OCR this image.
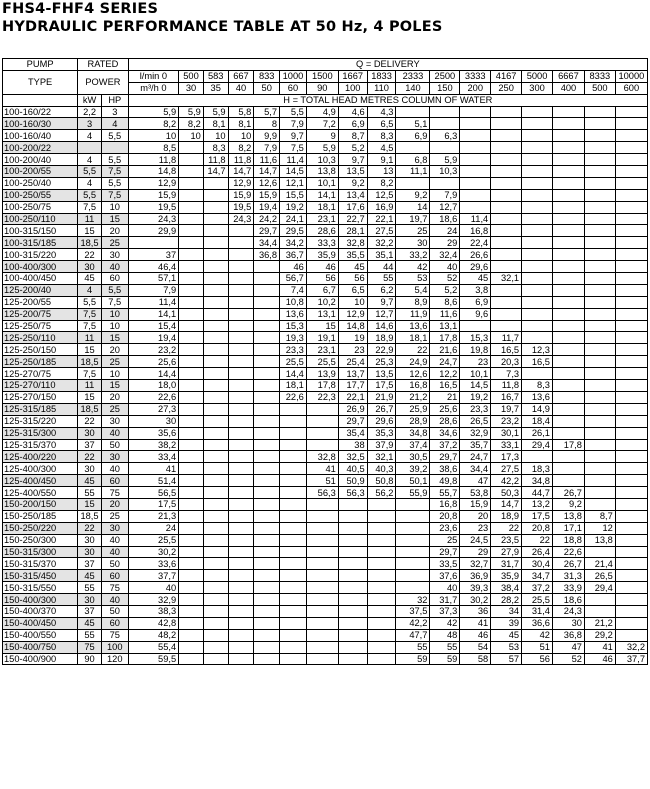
FHS4-FHF4 SERIES
HYDRAULIC PERFORMANCE TABLE AT 50 Hz, 4 POLES
PUMP	RATED		Q = DELIVERY																
TYPE	POWER		l/min 0	500	583	667	833	1000	1500	1667	1833	2333	2500	3333	4167	5000	6667	8333	10000
			m³/h 0	30	35	40	50	60	90	100	110	140	150	200	250	300	400	500	600
	kW	HP	H = TOTAL HEAD METRES COLUMN OF WATER																
100-160/22	2,2	3	5,9	5,9	5,9	5,8	5,7	5,5	4,9	4,6	4,3								
100-160/30	3	4	8,2	8,2	8,1	8,1	8	7,9	7,2	6,9	6,5	5,1							
100-160/40	4	5,5	10	10	10	10	9,9	9,7	9	8,7	8,3	6,9	6,3						
100-200/22			8,5		8,3	8,2	7,9	7,5	5,9	5,2	4,5								
100-200/40	4	5,5	11,8		11,8	11,8	11,6	11,4	10,3	9,7	9,1	6,8	5,9						
100-200/55	5,5	7,5	14,8		14,7	14,7	14,7	14,5	13,8	13,5	13	11,1	10,3						
100-250/40	4	5,5	12,9			12,9	12,6	12,1	10,1	9,2	8,2								
100-250/55	5,5	7,5	15,9			15,9	15,9	15,5	14,1	13,4	12,5	9,2	7,9						
100-250/75	7,5	10	19,5			19,5	19,4	19,2	18,1	17,6	16,9	14	12,7						
100-250/110	11	15	24,3			24,3	24,2	24,1	23,1	22,7	22,1	19,7	18,6	11,4					
100-315/150	15	20	29,9				29,7	29,5	28,6	28,1	27,5	25	24	16,8					
100-315/185	18,5	25					34,4	34,2	33,3	32,8	32,2	30	29	22,4					
100-315/220	22	30	37				36,8	36,7	35,9	35,5	35,1	33,2	32,4	26,6					
100-400/300	30	40	46,4					46	46	45	44	42	40	29,6					
100-400/450	45	60	57,1					56,7	56	56	55	53	52	45	32,1				
125-200/40	4	5,5	7,9					7,4	6,7	6,5	6,2	5,4	5,2	3,8					
125-200/55	5,5	7,5	11,4					10,8	10,2	10	9,7	8,9	8,6	6,9					
125-200/75	7,5	10	14,1					13,6	13,1	12,9	12,7	11,9	11,6	9,6					
125-250/75	7,5	10	15,4					15,3	15	14,8	14,6	13,6	13,1						
125-250/110	11	15	19,4					19,3	19,1	19	18,9	18,1	17,8	15,3	11,7				
125-250/150	15	20	23,2					23,3	23,1	23	22,9	22	21,6	19,8	16,5	12,3			
125-250/185	18,5	25	25,6					25,5	25,5	25,4	25,3	24,9	24,7	23	20,3	16,5			
125-270/75	7,5	10	14,4					14,4	13,9	13,7	13,5	12,6	12,2	10,1	7,3				
125-270/110	11	15	18,0					18,1	17,8	17,7	17,5	16,8	16,5	14,5	11,8	8,3			
125-270/150	15	20	22,6					22,6	22,3	22,1	21,9	21,2	21	19,2	16,7	13,6			
125-315/185	18,5	25	27,3							26,9	26,7	25,9	25,6	23,3	19,7	14,9			
125-315/220	22	30	30							29,7	29,6	28,9	28,6	26,5	23,2	18,4			
125-315/300	30	40	35,6							35,4	35,3	34,8	34,6	32,9	30,1	26,1			
125-315/370	37	50	38,2							38	37,9	37,4	37,2	35,7	33,1	29,4	17,8		
125-400/220	22	30	33,4						32,8	32,5	32,1	30,5	29,7	24,7	17,3				
125-400/300	30	40	41						41	40,5	40,3	39,2	38,6	34,4	27,5	18,3			
125-400/450	45	60	51,4						51	50,9	50,8	50,1	49,8	47	42,2	34,8			
125-400/550	55	75	56,5						56,3	56,3	56,2	55,9	55,7	53,8	50,3	44,7	26,7		
150-200/150	15	20	17,5										16,8	15,9	14,7	13,2	9,2		
150-250/185	18,5	25	21,3										20,8	20	18,9	17,5	13,8	8,7	
150-250/220	22	30	24										23,6	23	22	20,8	17,1	12	
150-250/300	30	40	25,5										25	24,5	23,5	22	18,8	13,8	
150-315/300	30	40	30,2										29,7	29	27,9	26,4	22,6		
150-315/370	37	50	33,6										33,5	32,7	31,7	30,4	26,7	21,4	
150-315/450	45	60	37,7										37,6	36,9	35,9	34,7	31,3	26,5	
150-315/550	55	75	40										40	39,3	38,4	37,2	33,9	29,4	
150-400/300	30	40	32,9									32	31,7	30,2	28,2	25,5	18,6		
150-400/370	37	50	38,3									37,5	37,3	36	34	31,4	24,3		
150-400/450	45	60	42,8									42,2	42	41	39	36,6	30	21,2	
150-400/550	55	75	48,2									47,7	48	46	45	42	36,8	29,2	
150-400/750	75	100	55,4									55	55	54	53	51	47	41	32,2
150-400/900	90	120	59,5									59	59	58	57	56	52	46	37,7
